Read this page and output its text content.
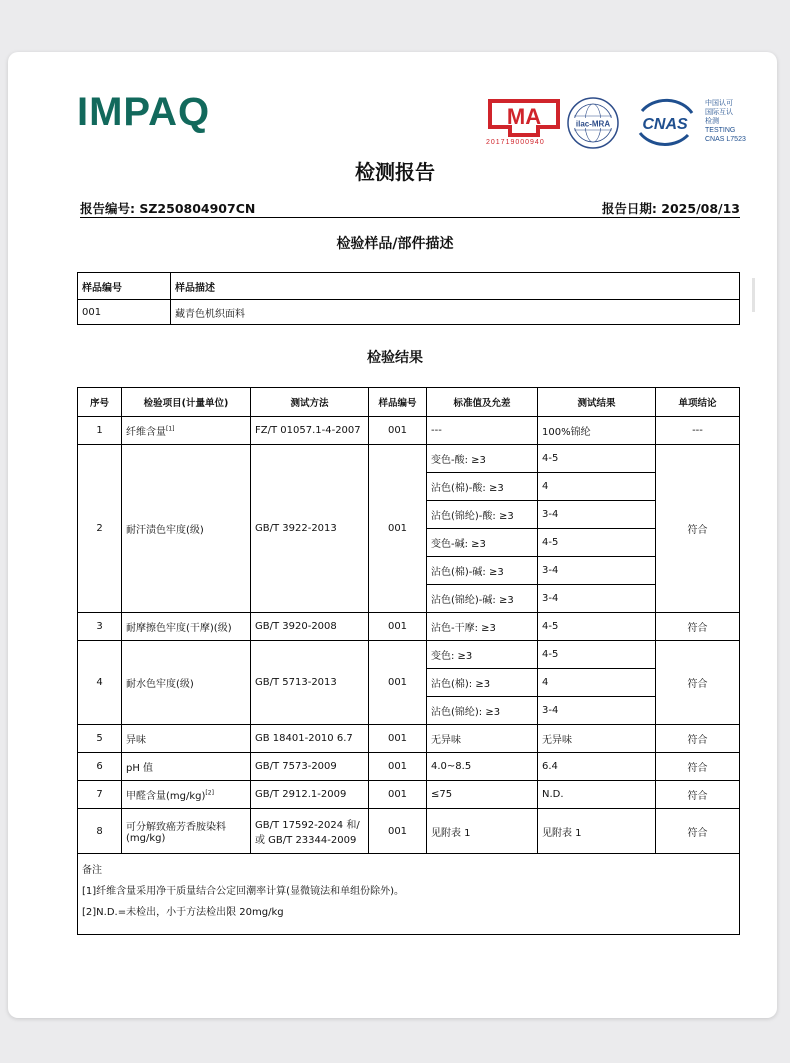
IMPAQ	MA
201719000940
ilac-MRA CNAS
中国认可
国际互认
检测
TESTING
CNAS L7523
检测报告
报告编号: SZ250804907CN	报告日期: 2025/08/13
检验样品/部件描述
样品编号	样品描述
001	藏青色机织面料
检验结果
序号	检验项目(计量单位)	测试方法	样品编号	标准值及允差	测试结果	单项结论
1	纤维含量[1]	FZ/T 01057.1-4-2007	001	---	100%锦纶	---
2	耐汗渍色牢度(级)	GB/T 3922-2013	001	变色-酸: ≥3	4-5	符合
				沾色(棉)-酸: ≥3	4	
				沾色(锦纶)-酸: ≥3	3-4	
				变色-碱: ≥3	4-5	
				沾色(棉)-碱: ≥3	3-4	
				沾色(锦纶)-碱: ≥3	3-4	
3	耐摩擦色牢度(干摩)(级)	GB/T 3920-2008	001	沾色-干摩: ≥3	4-5	符合
4	耐水色牢度(级)	GB/T 5713-2013	001	变色: ≥3	4-5	符合
				沾色(棉): ≥3	4	
				沾色(锦纶): ≥3	3-4	
5	异味	GB 18401-2010 6.7	001	无异味	无异味	符合
6	pH 值	GB/T 7573-2009	001	4.0~8.5	6.4	符合
7	甲醛含量(mg/kg)[2]	GB/T 2912.1-2009	001	≤75	N.D.	符合
8	可分解致癌芳香胺染料(mg/kg)	GB/T 17592-2024 和/或 GB/T 23344-2009	001	见附表 1	见附表 1	符合

备注
[1]纤维含量采用净干质量结合公定回潮率计算(显微镜法和单组份除外)。
[2]N.D.=未检出，小于方法检出限 20mg/kg						
